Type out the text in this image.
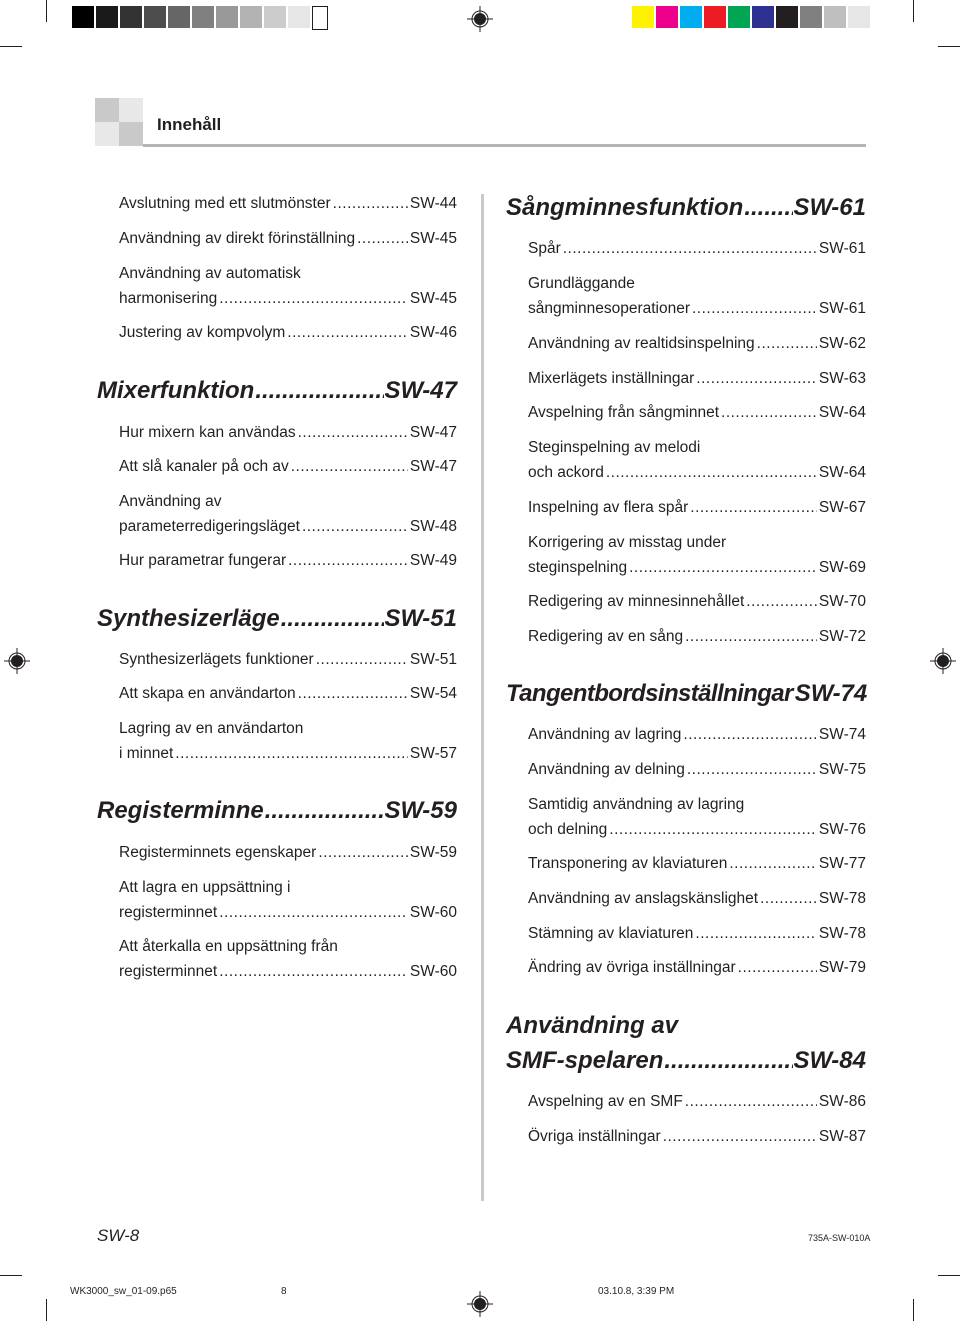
Innehåll
Avslutning med ett slutmönster .....	SW-44
Användning av direkt förinställning .....	SW-45
Användning av automatisk
harmonisering .....	SW-45
Justering av kompvolym .....	SW-46
Mixerfunktion .....	SW-47
Hur mixern kan användas .....	SW-47
Att slå kanaler på och av .....	SW-47
Användning av
parameterredigeringsläget .....	SW-48
Hur parametrar fungerar .....	SW-49
Synthesizerläge .....	SW-51
Synthesizerlägets funktioner .....	SW-51
Att skapa en användarton .....	SW-54
Lagring av en användarton
i minnet .....	SW-57
Registerminne .....	SW-59
Registerminnets egenskaper .....	SW-59
Att lagra en uppsättning i
registerminnet .....	SW-60
Att återkalla en uppsättning från
registerminnet .....	SW-60
Sångminnesfunktion ..... SW-61
Spår .....	SW-61
Grundläggande
sångminnesoperationer .....	SW-61
Användning av realtidsinspelning .....	SW-62
Mixerlägets inställningar .....	SW-63
Avspelning från sångminnet .....	SW-64
Steginspelning av melodi
och ackord .....	SW-64
Inspelning av flera spår .....	SW-67
Korrigering av misstag under
steginspelning .....	SW-69
Redigering av minnesinnehållet .....	SW-70
Redigering av en sång .....	SW-72
Tangentbordsinställningar SW-74
Användning av lagring .....	SW-74
Användning av delning .....	SW-75
Samtidig användning av lagring
och delning .....	SW-76
Transponering av klaviaturen .....	SW-77
Användning av anslagskänslighet .....	SW-78
Stämning av klaviaturen .....	SW-78
Ändring av övriga inställningar .....	SW-79
Användning av
SMF-spelaren .....	SW-84
Avspelning av en SMF .....	SW-86
Övriga inställningar .....	SW-87
SW-8	735A-SW-010A
WK3000_sw_01-09.p65	8	03.10.8, 3:39 PM
